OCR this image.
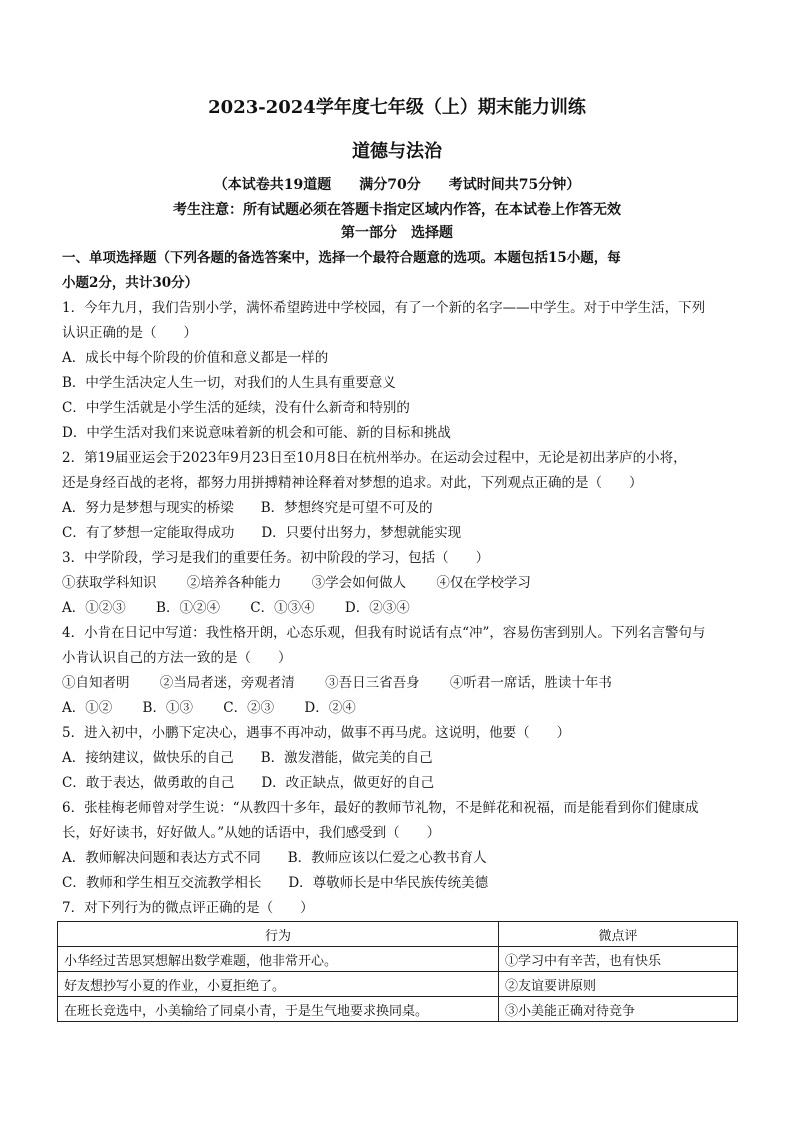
2023-2024学年度七年级（上）期末能力训练
道德与法治
（本试卷共19道题　　满分70分　　考试时间共75分钟）
考生注意：所有试题必须在答题卡指定区域内作答，在本试卷上作答无效
第一部分　选择题
一、单项选择题（下列各题的备选答案中，选择一个最符合题意的选项。本题包括15小题，每
小题2分，共计30分）
1．今年九月，我们告别小学，满怀希望跨进中学校园，有了一个新的名字——中学生。对于中学生活，下列
认识正确的是（　　）
A．成长中每个阶段的价值和意义都是一样的
B．中学生活决定人生一切，对我们的人生具有重要意义
C．中学生活就是小学生活的延续，没有什么新奇和特别的
D．中学生活对我们来说意味着新的机会和可能、新的目标和挑战
2．第19届亚运会于2023年9月23日至10月8日在杭州举办。在运动会过程中，无论是初出茅庐的小将，
还是身经百战的老将，都努力用拼搏精神诠释着对梦想的追求。对此，下列观点正确的是（　　）
A．努力是梦想与现实的桥梁　　B．梦想终究是可望不可及的
C．有了梦想一定能取得成功　　D．只要付出努力，梦想就能实现
3．中学阶段，学习是我们的重要任务。初中阶段的学习，包括（　　）
①获取学科知识 ②培养各种能力 ③学会如何做人 ④仅在学校学习
A．①②③ B．①②④ C．①③④ D．②③④
4．小肯在日记中写道：我性格开朗，心态乐观，但我有时说话有点“冲”，容易伤害到别人。下列名言警句与
小肯认识自己的方法一致的是（　　）
①自知者明 ②当局者迷，旁观者清 ③吾日三省吾身 ④听君一席话，胜读十年书
A．①② B．①③ C．②③ D．②④
5．进入初中，小鹏下定决心，遇事不再冲动，做事不再马虎。这说明，他要（　　）
A．接纳建议，做快乐的自己　　B．激发潜能，做完美的自己
C．敢于表达，做勇敢的自己　　D．改正缺点，做更好的自己
6．张桂梅老师曾对学生说：“从教四十多年，最好的教师节礼物，不是鲜花和祝福，而是能看到你们健康成
长，好好读书，好好做人。”从她的话语中，我们感受到（　　）
A．教师解决问题和表达方式不同　　B．教师应该以仁爱之心教书育人
C．教师和学生相互交流教学相长　　D．尊敬师长是中华民族传统美德
7．对下列行为的微点评正确的是（　　）
行为	微点评
小华经过苦思冥想解出数学难题，他非常开心。	①学习中有辛苦，也有快乐
好友想抄写小夏的作业，小夏拒绝了。	②友谊要讲原则
在班长竞选中，小美输给了同桌小青，于是生气地要求换同桌。	③小美能正确对待竞争
